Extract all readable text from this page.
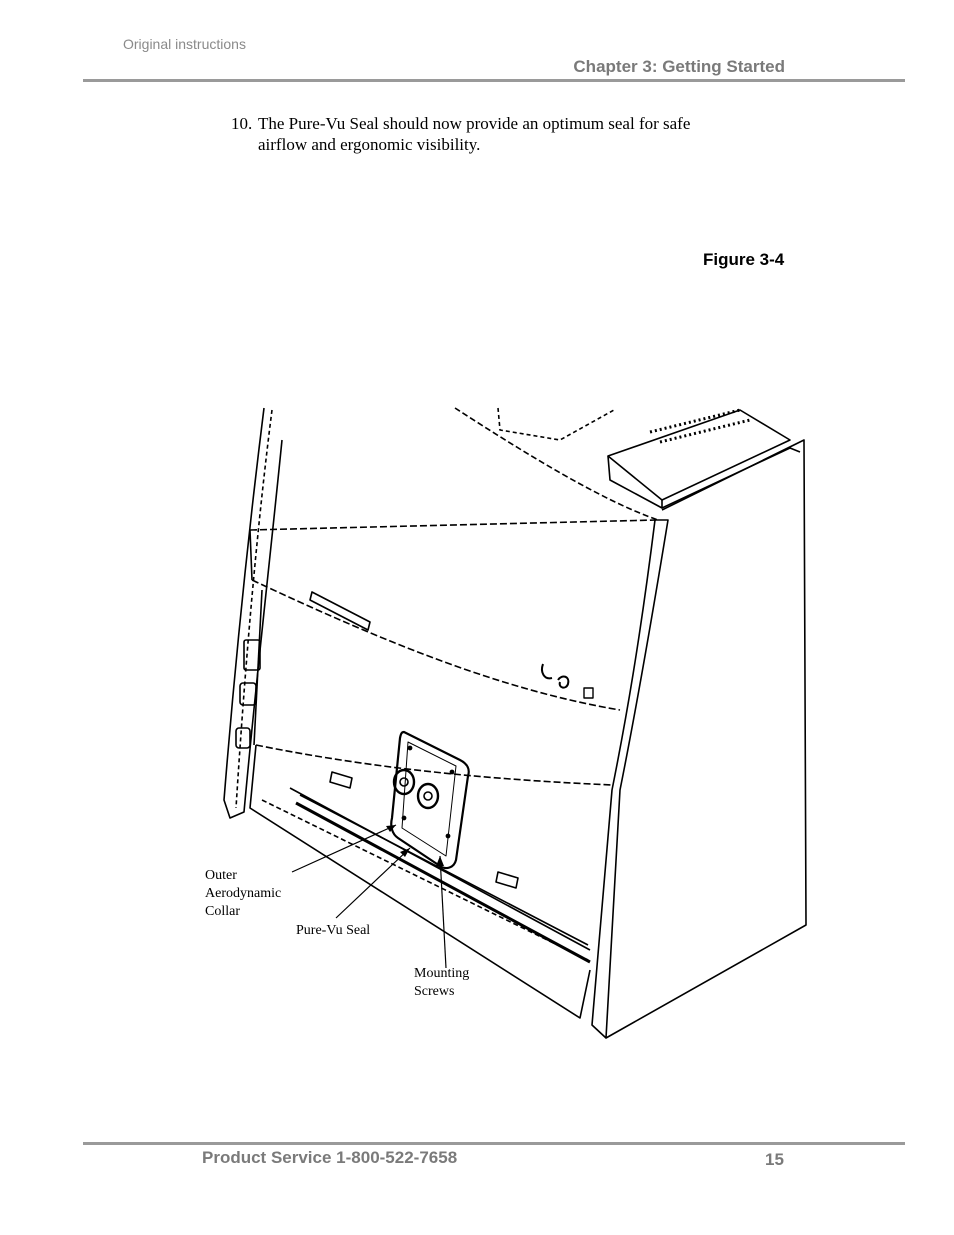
Original instructions
Chapter 3: Getting Started
10. The Pure-Vu Seal should now provide an optimum seal for safe
airflow and ergonomic visibility.
Figure 3-4
Outer
Aerodynamic
Collar
Pure-Vu Seal
Mounting
Screws
Product Service 1-800-522-7658	15
